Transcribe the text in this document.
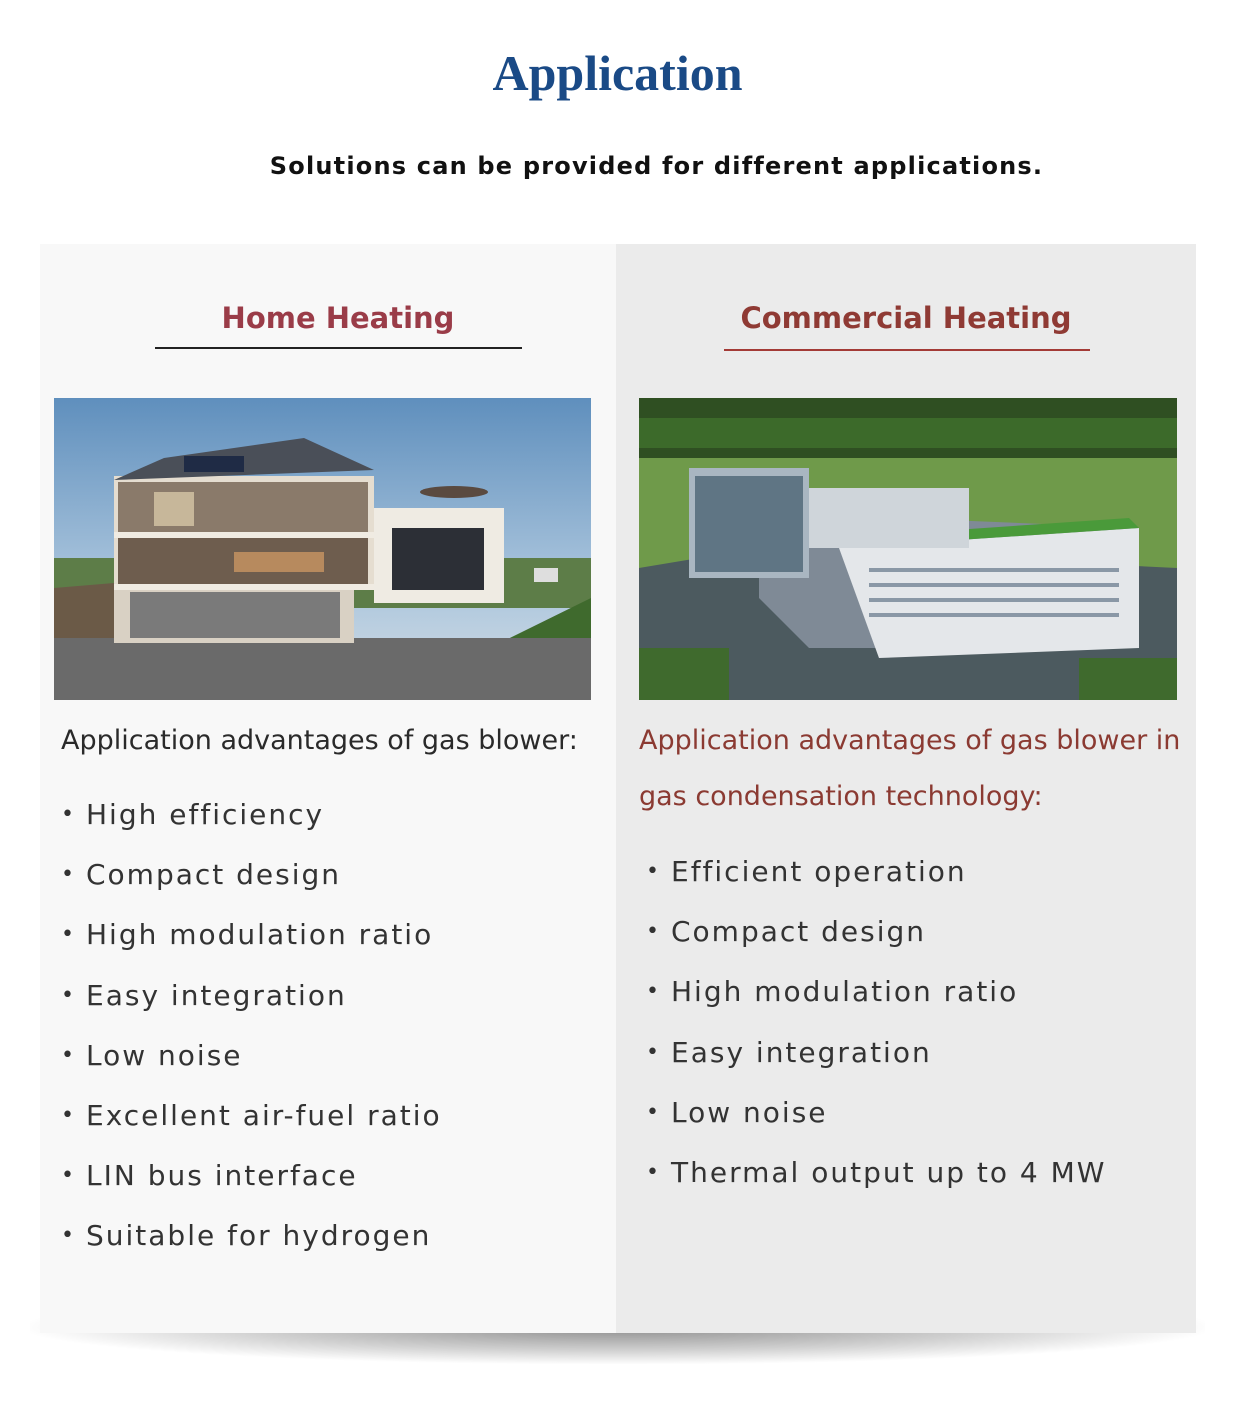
Application

Solutions can be provided for different applications.

Home Heating

Application advantages of gas blower:

• High efficiency
• Compact design
• High modulation ratio
• Easy integration
• Low noise
• Excellent air-fuel ratio
• LIN bus interface
• Suitable for hydrogen
Commercial Heating

Application advantages of gas blower in gas condensation technology:

• Efficient operation
• Compact design
• High modulation ratio
• Easy integration
• Low noise
• Thermal output up to 4 MW
